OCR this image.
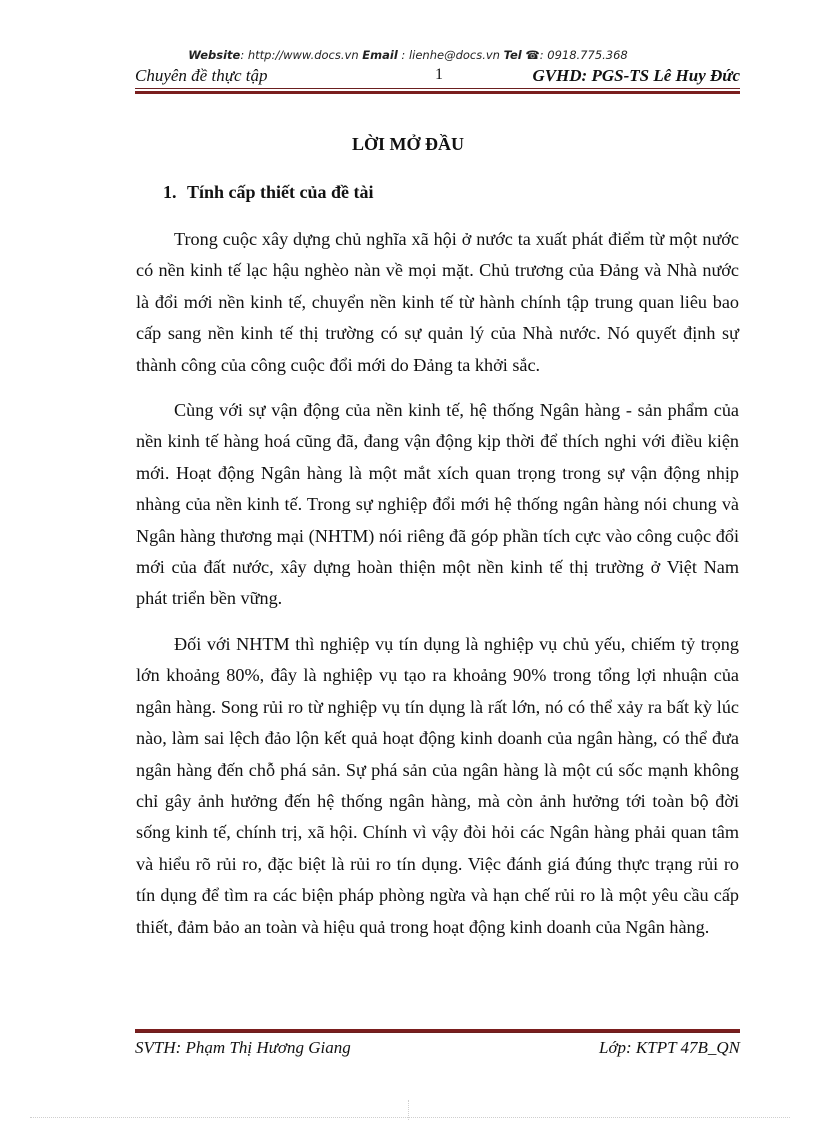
Website: http://www.docs.vn Email : lienhe@docs.vn Tel ☎: 0918.775.368
Chuyên đề thực tập	1	GVHD: PGS-TS Lê Huy Đức
LỜI MỞ ĐẦU
1. Tính cấp thiết của đề tài

Trong cuộc xây dựng chủ nghĩa xã hội ở nước ta xuất phát điểm từ một nước có nền kinh tế lạc hậu nghèo nàn về mọi mặt. Chủ trương của Đảng và Nhà nước là đổi mới nền kinh tế, chuyển nền kinh tế từ hành chính tập trung quan liêu bao cấp sang nền kinh tế thị trường có sự quản lý của Nhà nước. Nó quyết định sự thành công của công cuộc đổi mới do Đảng ta khởi sắc.

Cùng với sự vận động của nền kinh tế, hệ thống Ngân hàng - sản phẩm của nền kinh tế hàng hoá cũng đã, đang vận động kịp thời để thích nghi với điều kiện mới. Hoạt động Ngân hàng là một mắt xích quan trọng trong sự vận động nhịp nhàng của nền kinh tế. Trong sự nghiệp đổi mới hệ thống ngân hàng nói chung và Ngân hàng thương mại (NHTM) nói riêng đã góp phần tích cực vào công cuộc đổi mới của đất nước, xây dựng hoàn thiện một nền kinh tế thị trường ở Việt Nam phát triển bền vững.

Đối với NHTM thì nghiệp vụ tín dụng là nghiệp vụ chủ yếu, chiếm tỷ trọng lớn khoảng 80%, đây là nghiệp vụ tạo ra khoảng 90% trong tổng lợi nhuận của ngân hàng. Song rủi ro từ nghiệp vụ tín dụng là rất lớn, nó có thể xảy ra bất kỳ lúc nào, làm sai lệch đảo lộn kết quả hoạt động kinh doanh của ngân hàng, có thể đưa ngân hàng đến chỗ phá sản. Sự phá sản của ngân hàng là một cú sốc mạnh không chỉ gây ảnh hưởng đến hệ thống ngân hàng, mà còn ảnh hưởng tới toàn bộ đời sống kinh tế, chính trị, xã hội. Chính vì vậy đòi hỏi các Ngân hàng phải quan tâm và hiểu rõ rủi ro, đặc biệt là rủi ro tín dụng. Việc đánh giá đúng thực trạng rủi ro tín dụng để tìm ra các biện pháp phòng ngừa và hạn chế rủi ro là một yêu cầu cấp thiết, đảm bảo an toàn và hiệu quả trong hoạt động kinh doanh của Ngân hàng.

SVTH: Phạm Thị Hương Giang	Lớp: KTPT 47B_QN
